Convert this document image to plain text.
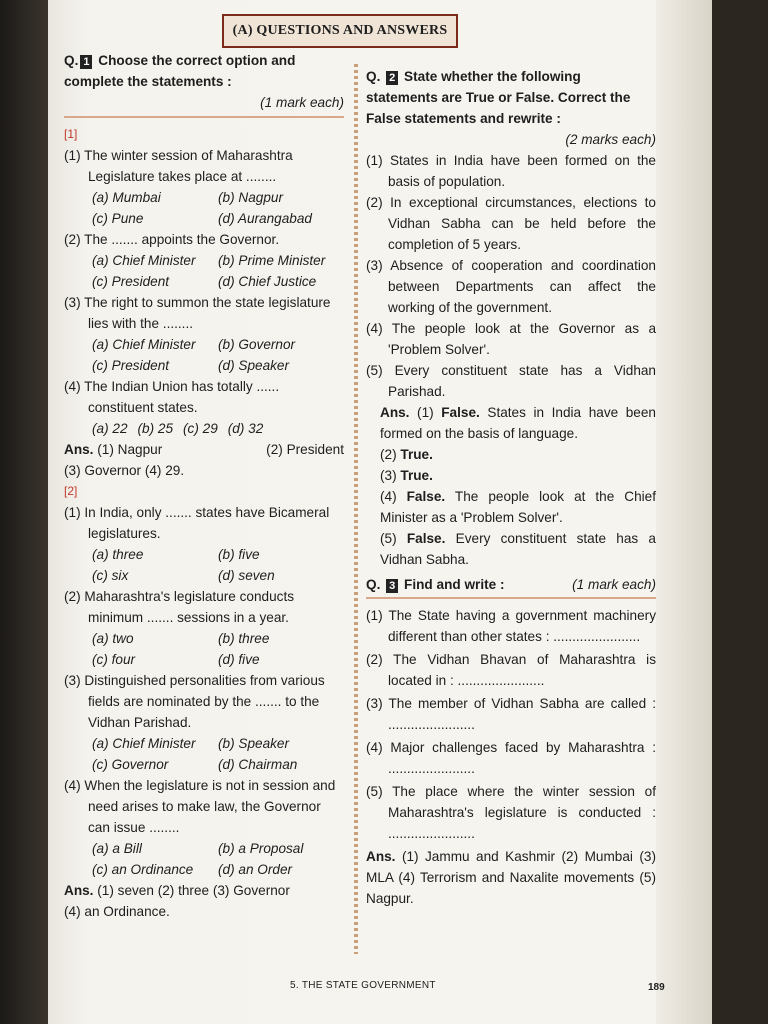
(A) QUESTIONS AND ANSWERS
Q. 1 Choose the correct option and complete the statements :
(1 mark each)
[1]
(1) The winter session of Maharashtra Legislature takes place at ........
(a) Mumbai	(b) Nagpur
(c) Pune	(d) Aurangabad
(2) The ....... appoints the Governor.
(a) Chief Minister	(b) Prime Minister
(c) President	(d) Chief Justice
(3) The right to summon the state legislature lies with the ........
(a) Chief Minister	(b) Governor
(c) President	(d) Speaker
(4) The Indian Union has totally ...... constituent states.
(a) 22 (b) 25 (c) 29 (d) 32
Ans. (1) Nagpur	(2) President
(3) Governor (4) 29.
[2]
(1) In India, only ....... states have Bicameral legislatures.
(a) three	(b) five
(c) six	(d) seven
(2) Maharashtra's legislature conducts minimum ....... sessions in a year.
(a) two	(b) three
(c) four	(d) five
(3) Distinguished personalities from various fields are nominated by the ....... to the Vidhan Parishad.
(a) Chief Minister	(b) Speaker
(c) Governor	(d) Chairman
(4) When the legislature is not in session and need arises to make law, the Governor can issue ........
(a) a Bill	(b) a Proposal
(c) an Ordinance	(d) an Order
Ans. (1) seven (2) three (3) Governor
(4) an Ordinance.
Q. 2 State whether the following statements are True or False. Correct the False statements and rewrite :
(2 marks each)
(1) States in India have been formed on the basis of population.
(2) In exceptional circumstances, elections to Vidhan Sabha can be held before the completion of 5 years.
(3) Absence of cooperation and coordination between Departments can affect the working of the government.
(4) The people look at the Governor as a 'Problem Solver'.
(5) Every constituent state has a Vidhan Parishad.
Ans. (1) False. States in India have been formed on the basis of language.
(2) True.
(3) True.
(4) False. The people look at the Chief Minister as a 'Problem Solver'.
(5) False. Every constituent state has a Vidhan Sabha.
Q. 3 Find and write :	(1 mark each)
(1) The State having a government machinery different than other states : .......................
(2) The Vidhan Bhavan of Maharashtra is located in : .......................
(3) The member of Vidhan Sabha are called : .......................
(4) Major challenges faced by Maharashtra : .......................
(5) The place where the winter session of Maharashtra's legislature is conducted : .......................
Ans. (1) Jammu and Kashmir (2) Mumbai (3) MLA (4) Terrorism and Naxalite movements (5) Nagpur.
5. THE STATE GOVERNMENT	189
